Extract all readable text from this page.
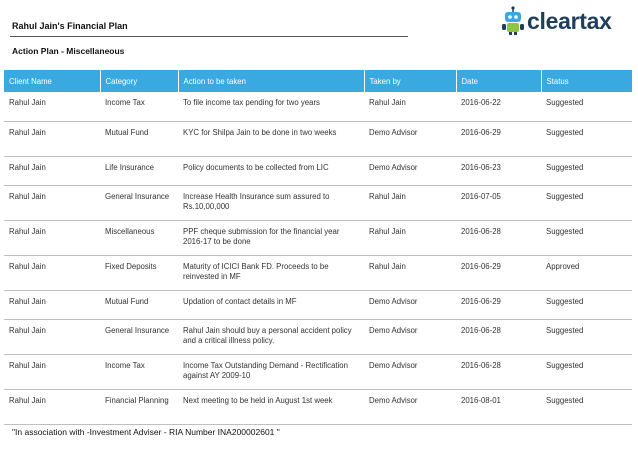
Rahul Jain's Financial Plan	cleartax
Action Plan - Miscellaneous
Client Name	Category	Action to be taken	Taken by	Date	Status
Rahul Jain	Income Tax	To file income tax pending for two years	Rahul Jain	2016-06-22	Suggested
Rahul Jain	Mutual Fund	KYC for Shilpa Jain to be done in two weeks	Demo Advisor	2016-06-29	Suggested
Rahul Jain	Life Insurance	Policy documents to be collected from LIC	Demo Advisor	2016-06-23	Suggested
Rahul Jain	General Insurance	Increase Health Insurance sum assured to Rs.10,00,000	Rahul Jain	2016-07-05	Suggested
Rahul Jain	Miscellaneous	PPF cheque submission for the financial year 2016-17 to be done	Rahul Jain	2016-06-28	Suggested
Rahul Jain	Fixed Deposits	Maturity of ICICI Bank FD. Proceeds to be reinvested in MF	Rahul Jain	2016-06-29	Approved
Rahul Jain	Mutual Fund	Updation of contact details in MF	Demo Advisor	2016-06-29	Suggested
Rahul Jain	General Insurance	Rahul Jain should buy a personal accident policy and a critical illness policy.	Demo Advisor	2016-06-28	Suggested
Rahul Jain	Income Tax	Income Tax Outstanding Demand - Rectification against AY 2009-10	Demo Advisor	2016-06-28	Suggested
Rahul Jain	Financial Planning	Next meeting to be held in August 1st week	Demo Advisor	2016-08-01	Suggested
"In association with -Investment Adviser - RIA Number INA200002601 "
